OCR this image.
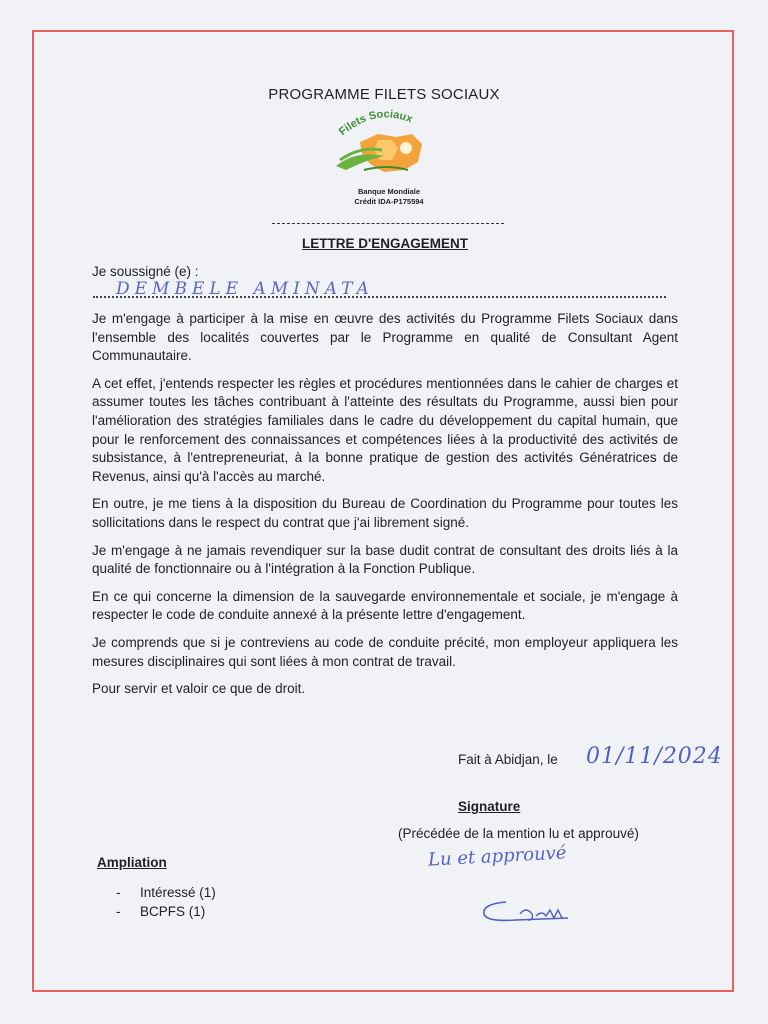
PROGRAMME FILETS SOCIAUX
Filets Sociaux
Banque Mondiale
Crédit IDA-P175594
LETTRE D'ENGAGEMENT
Je soussigné (e) :
DEMBELE AMINATA

Je m'engage à participer à la mise en œuvre des activités du Programme Filets Sociaux dans l'ensemble des localités couvertes par le Programme en qualité de Consultant Agent Communautaire.

A cet effet, j'entends respecter les règles et procédures mentionnées dans le cahier de charges et assumer toutes les tâches contribuant à l'atteinte des résultats du Programme, aussi bien pour l'amélioration des stratégies familiales dans le cadre du développement du capital humain, que pour le renforcement des connaissances et compétences liées à la productivité des activités de subsistance, à l'entrepreneuriat, à la bonne pratique de gestion des activités Génératrices de Revenus, ainsi qu'à l'accès au marché.

En outre, je me tiens à la disposition du Bureau de Coordination du Programme pour toutes les sollicitations dans le respect du contrat que j'ai librement signé.

Je m'engage à ne jamais revendiquer sur la base dudit contrat de consultant des droits liés à la qualité de fonctionnaire ou à l'intégration à la Fonction Publique.

En ce qui concerne la dimension de la sauvegarde environnementale et sociale, je m'engage à respecter le code de conduite annexé à la présente lettre d'engagement.

Je comprends que si je contreviens au code de conduite précité, mon employeur appliquera les mesures disciplinaires qui sont liées à mon contrat de travail.

Pour servir et valoir ce que de droit.

Fait à Abidjan, le 01/11/2024
Signature
(Précédée de la mention lu et approuvé)
Lu et approuvé
Ampliation
-	Intéressé (1)
-	BCPFS (1)
